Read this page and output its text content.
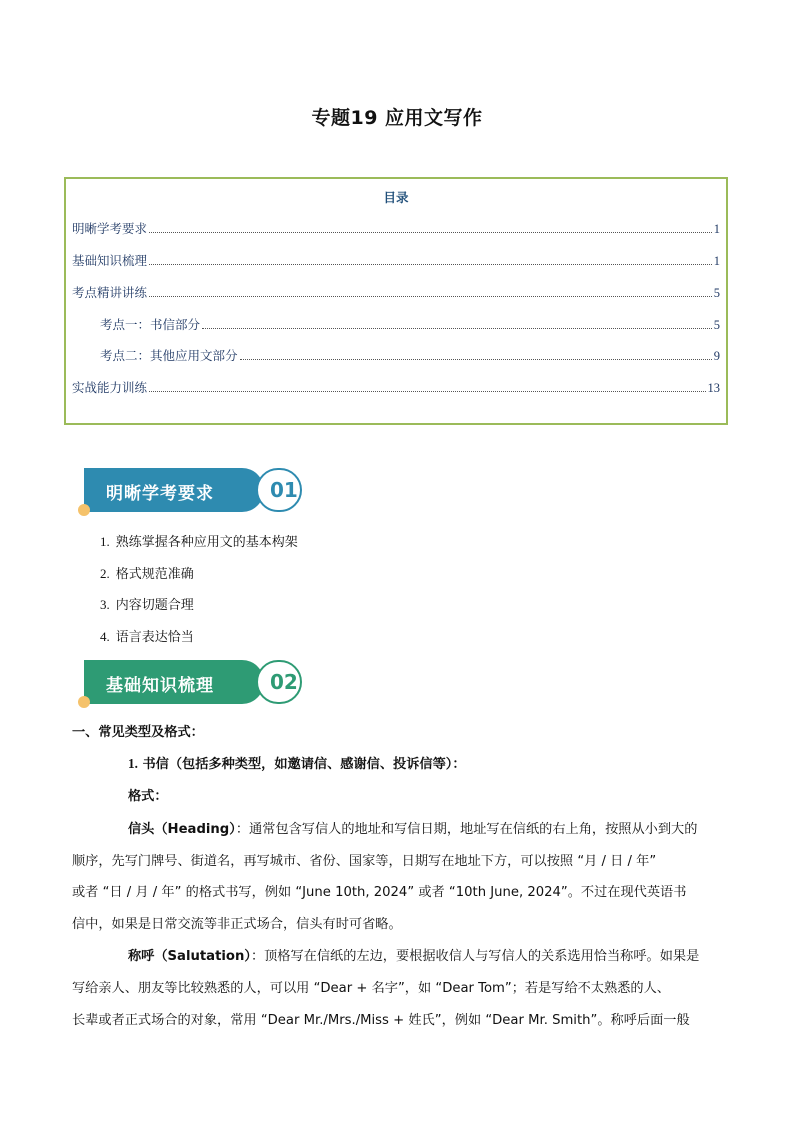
专题19 应用文写作
目录
明晰学考要求	1
基础知识梳理	1
考点精讲讲练	5
考点一：书信部分	5
考点二：其他应用文部分	9
实战能力训练	13
明晰学考要求	01
1. 熟练掌握各种应用文的基本构架
2. 格式规范准确
3. 内容切题合理
4. 语言表达恰当
基础知识梳理	02
一、常见类型及格式：
1. 书信（包括多种类型，如邀请信、感谢信、投诉信等）：
格式：
信头（Heading）：通常包含写信人的地址和写信日期，地址写在信纸的右上角，按照从小到大的
顺序，先写门牌号、街道名，再写城市、省份、国家等，日期写在地址下方，可以按照 “月 / 日 / 年”
或者 “日 / 月 / 年” 的格式书写，例如 “June 10th, 2024” 或者 “10th June, 2024”。不过在现代英语书
信中，如果是日常交流等非正式场合，信头有时可省略。
称呼（Salutation）：顶格写在信纸的左边，要根据收信人与写信人的关系选用恰当称呼。如果是
写给亲人、朋友等比较熟悉的人，可以用 “Dear + 名字”，如 “Dear Tom”；若是写给不太熟悉的人、
长辈或者正式场合的对象，常用 “Dear Mr./Mrs./Miss + 姓氏”，例如 “Dear Mr. Smith”。称呼后面一般
